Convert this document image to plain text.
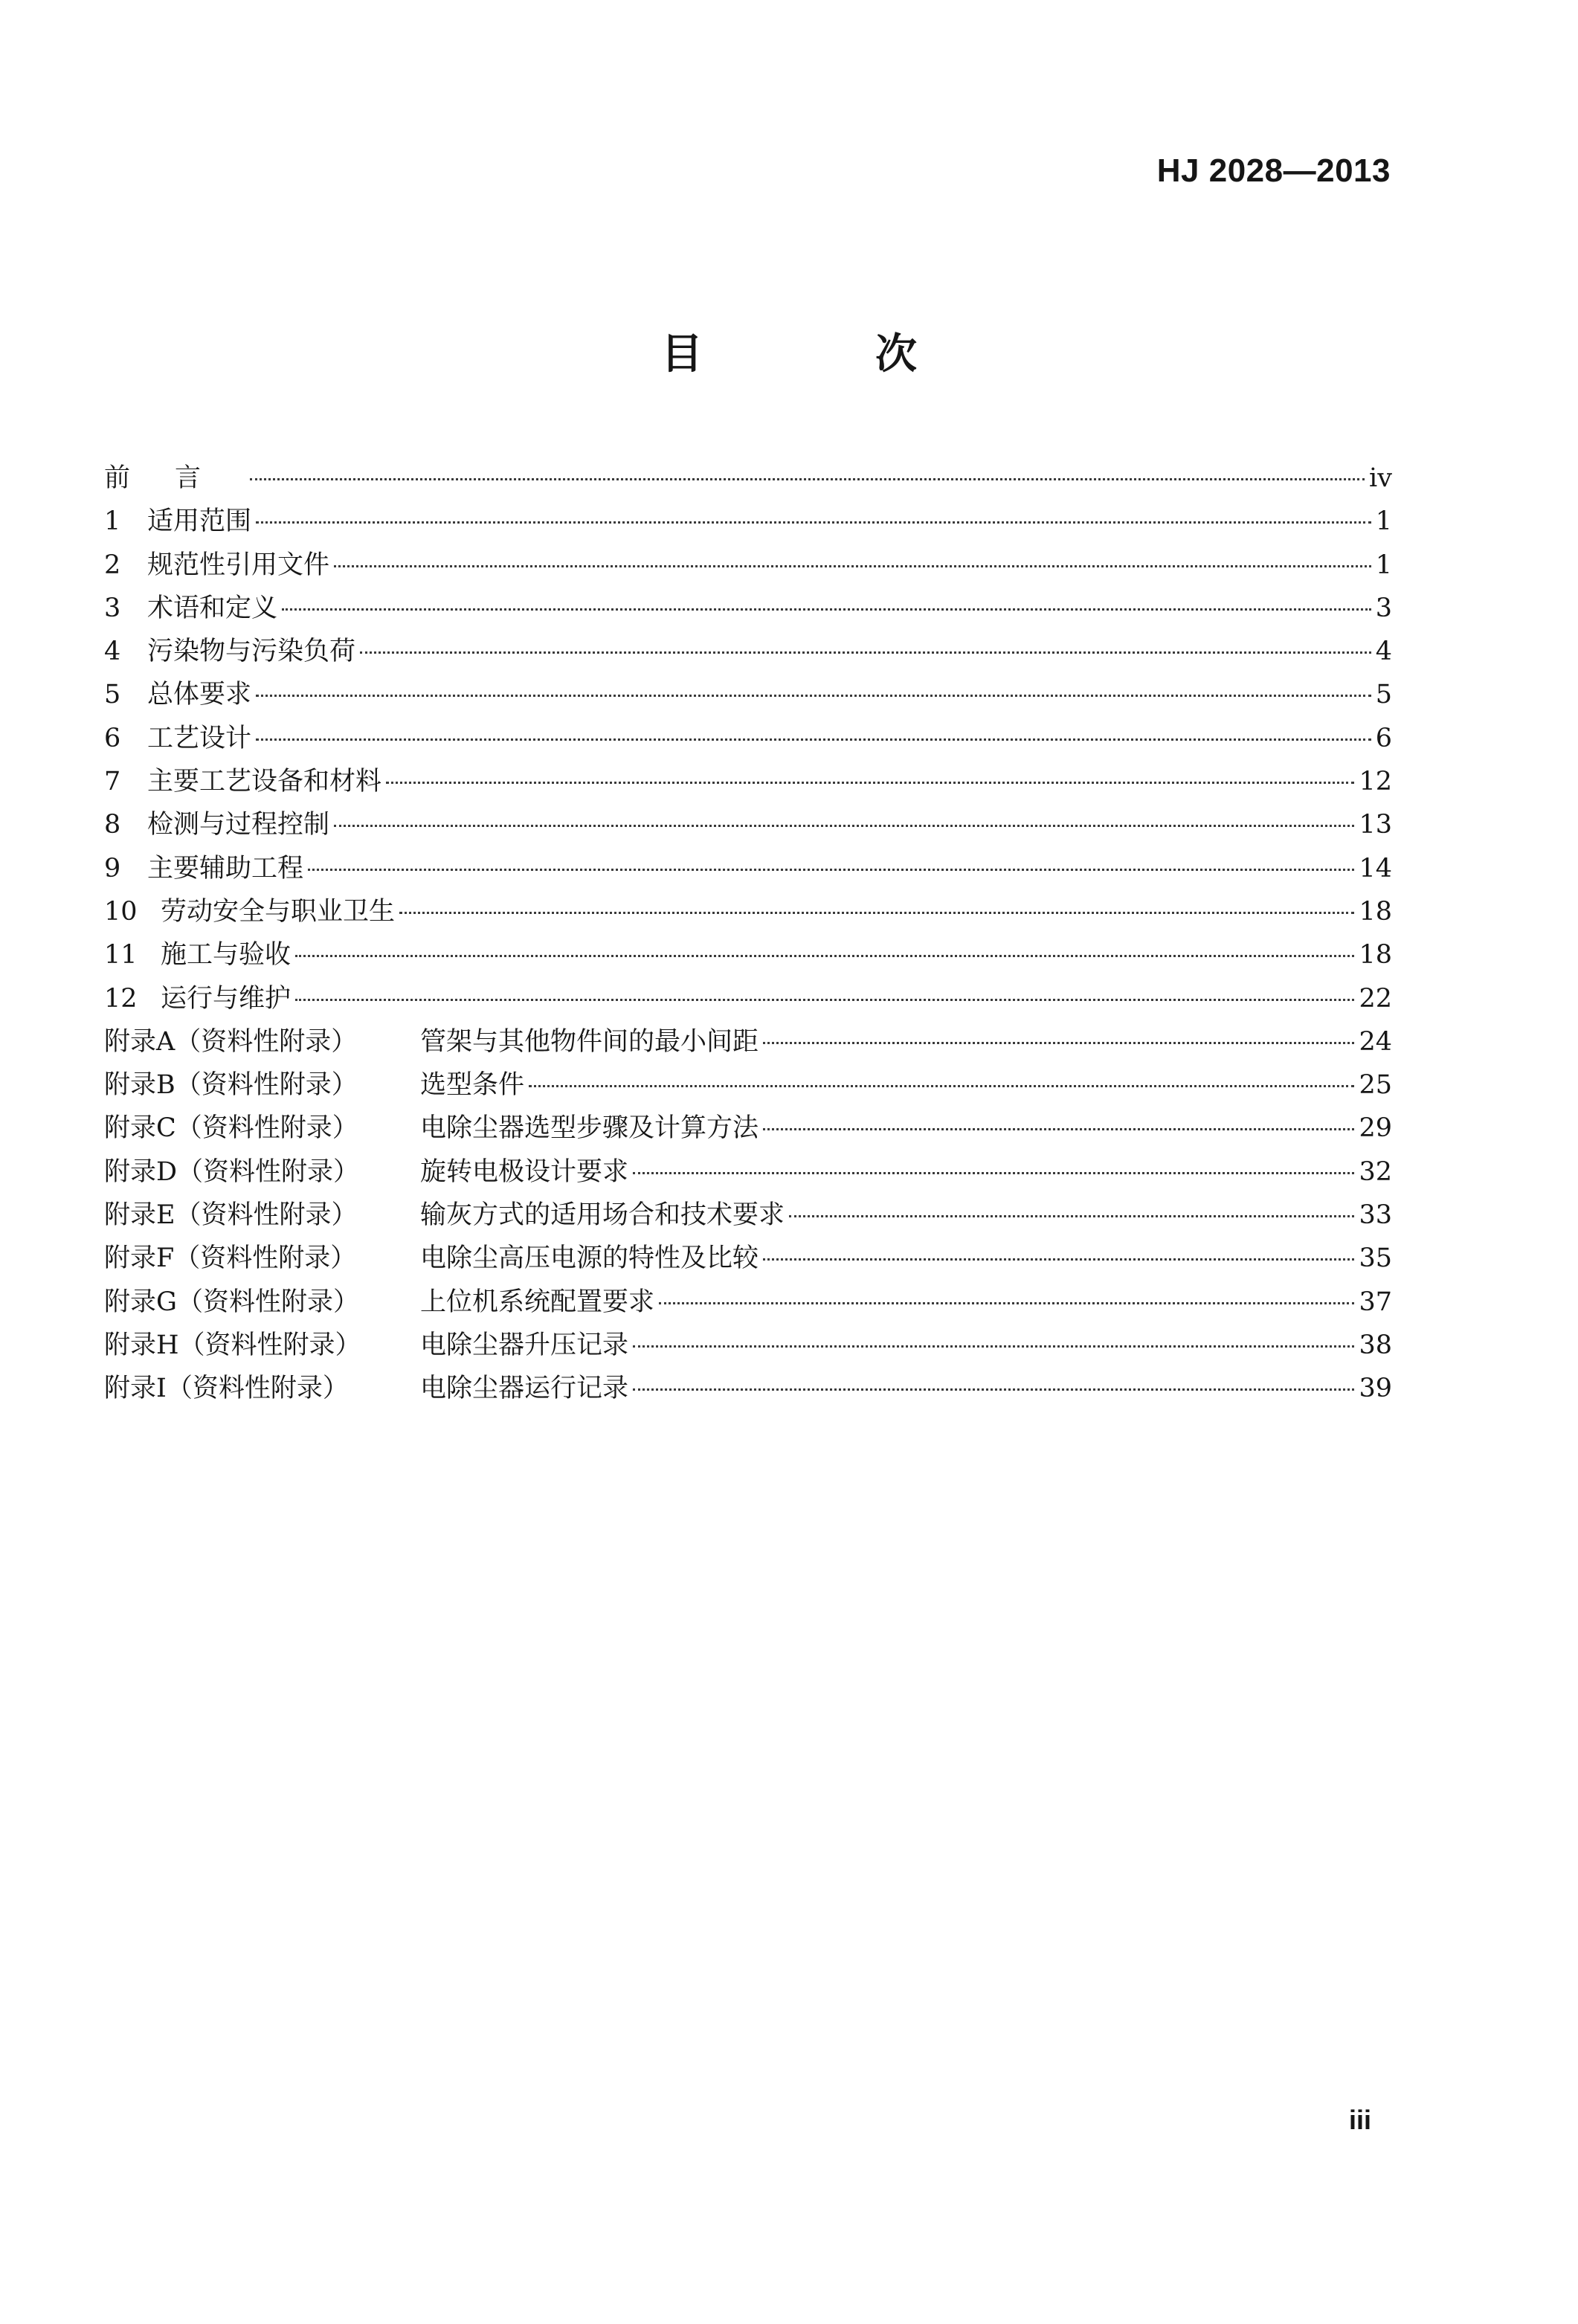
HJ 2028—2013
目　次
前言	iv
1	适用范围	1
2	规范性引用文件	1
3	术语和定义	3
4	污染物与污染负荷	4
5	总体要求	5
6	工艺设计	6
7	主要工艺设备和材料	12
8	检测与过程控制	13
9	主要辅助工程	14
10 劳动安全与职业卫生	18
11 施工与验收	18
12 运行与维护	22
附录A（资料性附录）	管架与其他物件间的最小间距	24
附录B（资料性附录）	选型条件	25
附录C（资料性附录）	电除尘器选型步骤及计算方法	29
附录D（资料性附录）	旋转电极设计要求	32
附录E（资料性附录）	输灰方式的适用场合和技术要求	33
附录F（资料性附录）	电除尘高压电源的特性及比较	35
附录G（资料性附录）	上位机系统配置要求	37
附录H（资料性附录）	电除尘器升压记录	38
附录I（资料性附录）	电除尘器运行记录	39
iii
